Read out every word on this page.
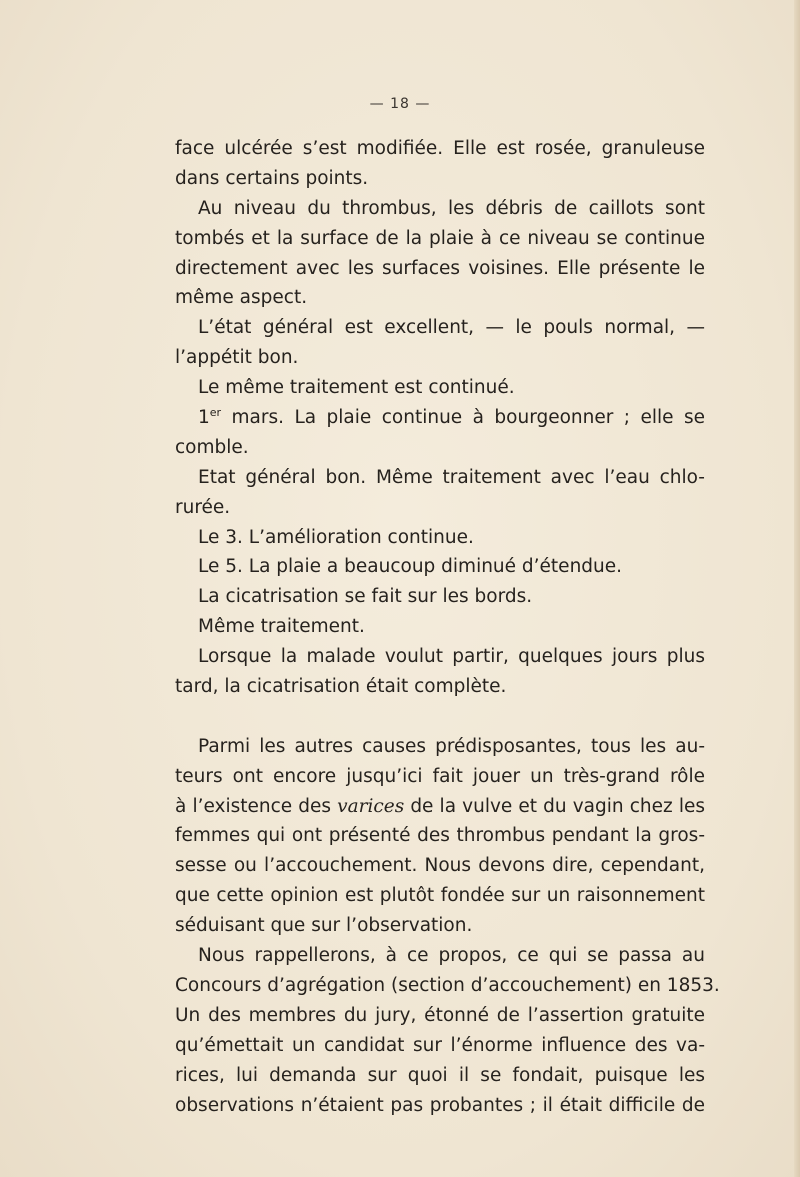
— 18 —

face ulcérée s’est modifiée. Elle est rosée, granuleuse

dans certains points.

Au niveau du thrombus, les débris de caillots sont

tombés et la surface de la plaie à ce niveau se continue

directement avec les surfaces voisines. Elle présente le

même aspect.

L’état général est excellent, — le pouls normal, —

l’appétit bon.

Le même traitement est continué.

1er mars. La plaie continue à bourgeonner ; elle se

comble.

Etat général bon. Même traitement avec l’eau chlo-

rurée.

Le 3. L’amélioration continue.

Le 5. La plaie a beaucoup diminué d’étendue.

La cicatrisation se fait sur les bords.

Même traitement.

Lorsque la malade voulut partir, quelques jours plus

tard, la cicatrisation était complète.

Parmi les autres causes prédisposantes, tous les au-

teurs ont encore jusqu’ici fait jouer un très-grand rôle

à l’existence des varices de la vulve et du vagin chez les

femmes qui ont présenté des thrombus pendant la gros-

sesse ou l’accouchement. Nous devons dire, cependant,

que cette opinion est plutôt fondée sur un raisonnement

séduisant que sur l’observation.

Nous rappellerons, à ce propos, ce qui se passa au

Concours d’agrégation (section d’accouchement) en 1853.

Un des membres du jury, étonné de l’assertion gratuite

qu’émettait un candidat sur l’énorme influence des va-

rices, lui demanda sur quoi il se fondait, puisque les

observations n’étaient pas probantes ; il était difficile de
